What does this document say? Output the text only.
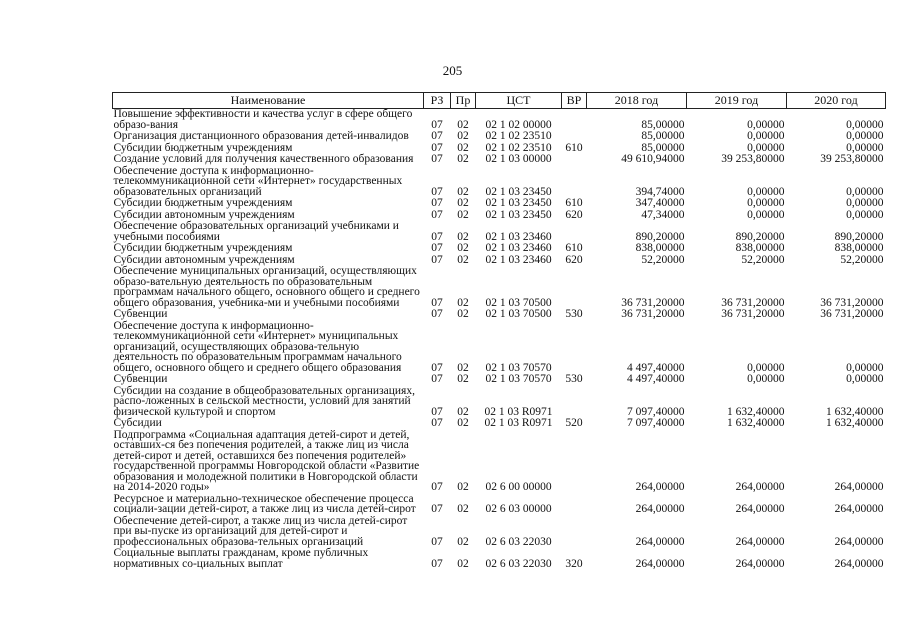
205
Наименование	РЗ	Пр	ЦСТ	ВР	2018 год	2019 год	2020 год
Повышение эффективности и качества услуг в сфере общего образо-вания	07	02	02 1 02 00000		85,00000	0,00000	0,00000
Организация дистанционного образования детей-инвалидов	07	02	02 1 02 23510		85,00000	0,00000	0,00000
Субсидии бюджетным учреждениям	07	02	02 1 02 23510	610	85,00000	0,00000	0,00000
Создание условий для получения качественного образования	07	02	02 1 03 00000		49 610,94000	39 253,80000	39 253,80000
Обеспечение доступа к информационно-телекоммуникационной сети «Интернет» государственных образовательных организаций	07	02	02 1 03 23450		394,74000	0,00000	0,00000
Субсидии бюджетным учреждениям	07	02	02 1 03 23450	610	347,40000	0,00000	0,00000
Субсидии автономным учреждениям	07	02	02 1 03 23450	620	47,34000	0,00000	0,00000
Обеспечение образовательных организаций учебниками и учебными пособиями	07	02	02 1 03 23460		890,20000	890,20000	890,20000
Субсидии бюджетным учреждениям	07	02	02 1 03 23460	610	838,00000	838,00000	838,00000
Субсидии автономным учреждениям	07	02	02 1 03 23460	620	52,20000	52,20000	52,20000
Обеспечение муниципальных организаций, осуществляющих образо-вательную деятельность по образовательным программам начального общего, основного общего и среднего общего образования, учебника-ми и учебными пособиями	07	02	02 1 03 70500		36 731,20000	36 731,20000	36 731,20000
Субвенции	07	02	02 1 03 70500	530	36 731,20000	36 731,20000	36 731,20000
Обеспечение доступа к информационно-телекоммуникационной сети «Интернет» муниципальных организаций, осуществляющих образова-тельную деятельность по образовательным программам начального общего, основного общего и среднего общего образования	07	02	02 1 03 70570		4 497,40000	0,00000	0,00000
Субвенции	07	02	02 1 03 70570	530	4 497,40000	0,00000	0,00000
Субсидии на создание в общеобразовательных организациях, распо-ложенных в сельской местности, условий для занятий физической культурой и спортом	07	02	02 1 03 R0971		7 097,40000	1 632,40000	1 632,40000
Субсидии	07	02	02 1 03 R0971	520	7 097,40000	1 632,40000	1 632,40000
Подпрограмма «Социальная адаптация детей-сирот и детей, оставших-ся без попечения родителей, а также лиц из числа детей-сирот и детей, оставшихся без попечения родителей» государственной программы Новгородской области «Развитие образования и молодежной политики в Новгородской области на 2014-2020 годы»	07	02	02 6 00 00000		264,00000	264,00000	264,00000
Ресурсное и материально-техническое обеспечение процесса социали-зации детей-сирот, а также лиц из числа детей-сирот	07	02	02 6 03 00000		264,00000	264,00000	264,00000
Обеспечение детей-сирот, а также лиц из числа детей-сирот при вы-пуске из организаций для детей-сирот и профессиональных образова-тельных организаций	07	02	02 6 03 22030		264,00000	264,00000	264,00000
Социальные выплаты гражданам, кроме публичных нормативных со-циальных выплат	07	02	02 6 03 22030	320	264,00000	264,00000	264,00000
